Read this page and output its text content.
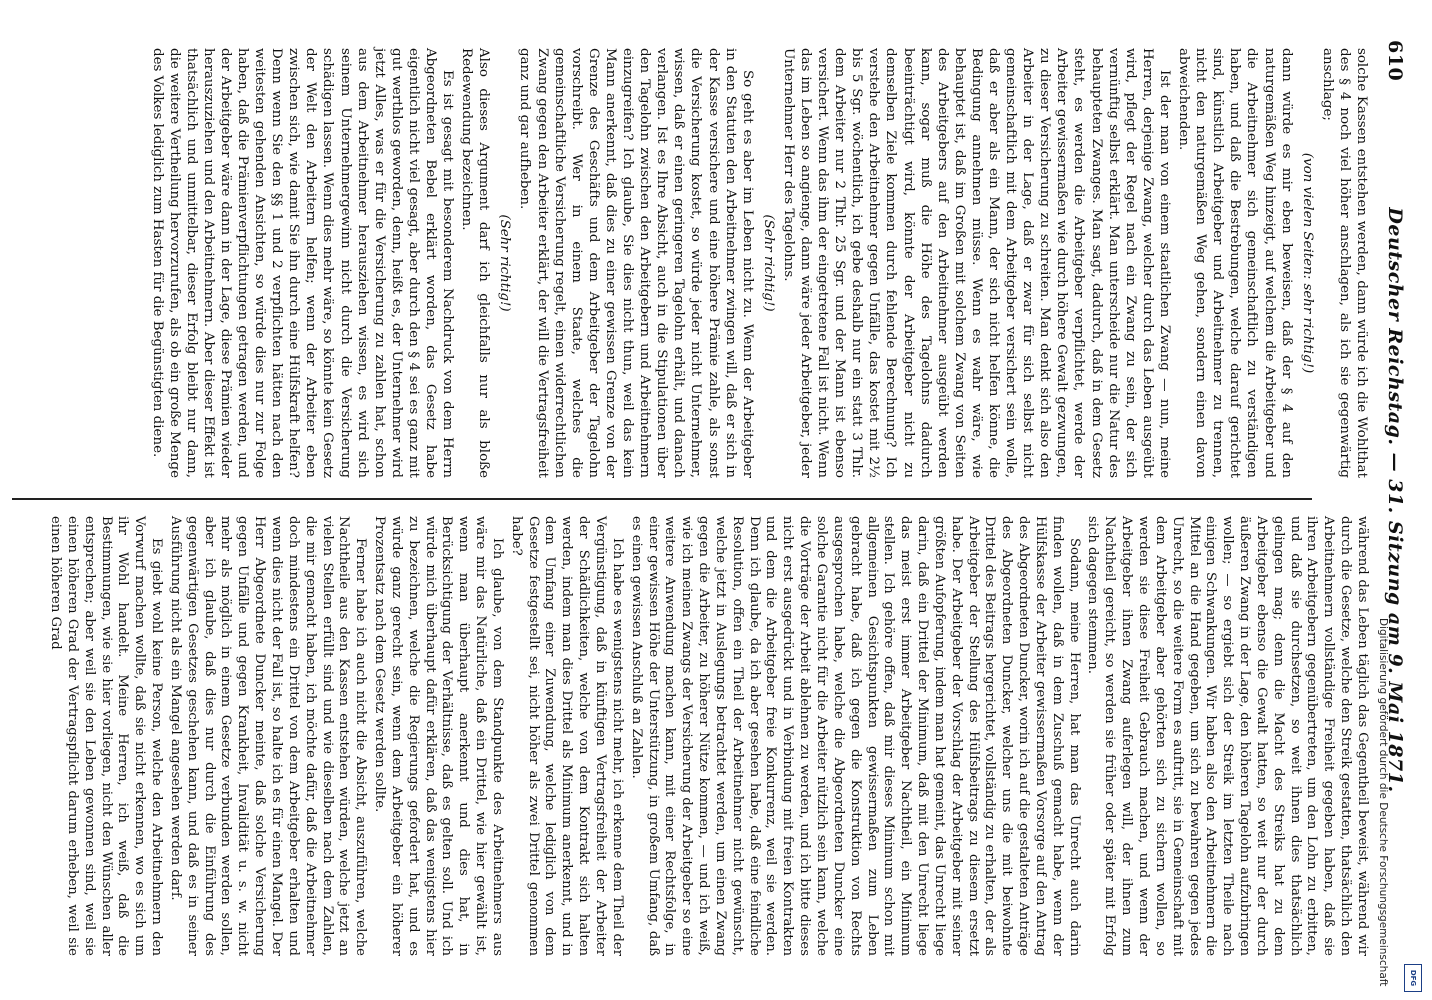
610
Deutscher Reichstag. — 31. Sitzung am 9. Mai 1871.

solche Kassen entstehen werden, dann würde ich die Wohlthat des § 4 noch viel höher anschlagen, als ich sie gegenwärtig anschlage;

(von vielen Seiten: sehr richtig!)

dann würde es mir eben beweisen, daß der § 4 auf den naturgemäßen Weg hinzeigt, auf welchem die Arbeitgeber und die Arbeitnehmer sich gemeinschaftlich zu verständigen haben, und daß die Bestrebungen, welche darauf gerichtet sind, künstlich Arbeitgeber und Arbeitnehmer zu trennen, nicht den naturgemäßen Weg gehen, sondern einen davon abweichenden.

Ist der man von einem staatlichen Zwang — nun, meine Herren, derjenige Zwang, welcher durch das Leben ausgeübt wird, pflegt der Regel nach ein Zwang zu sein, der sich vernünftig selbst erklärt. Man unterscheide nur die Natur des behaupteten Zwanges. Man sagt, dadurch, daß in dem Gesetz steht, es werden die Arbeitgeber verpflichtet, werde der Arbeiter gewissermaßen wie durch höhere Gewalt gezwungen, zu dieser Versicherung zu schreiten. Man denkt sich also den Arbeiter in der Lage, daß er zwar für sich selbst nicht gemeinschaftlich mit dem Arbeitgeber versichert sein wolle, daß er aber als ein Mann, der sich nicht helfen könne, die Bedingung annehmen müsse. Wenn es wahr wäre, wie behauptet ist, daß im Großen mit solchem Zwang von Seiten des Arbeitgebers auf den Arbeitnehmer ausgeübt werden kann, sogar muß die Höhe des Tagelohns dadurch beeinträchtigt wird, könnte der Arbeitgeber nicht zu demselben Ziele kommen durch fehlende Berechnung? Ich verstehe den Arbeitnehmer gegen Unfälle, das kostet mit 2½ bis 5 Sgr. wöchentlich, ich gebe deshalb nur ein statt 3 Thlr. dem Arbeiter nur 2 Thlr. 25 Sgr. und der Mann ist ebenso versichert. Wenn das ihm der eingetretene Fall ist nicht. Wenn das im Leben so angienge, dann wäre jeder Arbeitgeber, jeder Unternehmer Herr des Tagelohns.

(Sehr richtig!)

So geht es aber im Leben nicht zu. Wenn der Arbeitgeber in den Statuten den Arbeitnehmer zwingen will, daß er sich in der Kasse versichere und eine höhere Prämie zahle, als sonst die Versicherung kostet, so würde jeder nicht Unternehmer, wissen, daß er einen geringeren Tagelohn erhält, und danach verlangen. Ist es Ihre Absicht, auch in die Stipulationen über den Tagelohn zwischen den Arbeitgebern und Arbeitnehmern einzugreifen? Ich glaube, Sie dies nicht thun, weil das kein Mann anerkennt, daß dies zu einer gewissen Grenze von der Grenze des Geschäfts und dem Arbeitgeber der Tagelohn vorschreibt. Wer in einem Staate, welches die gemeinschaftliche Versicherung regelt, einen widerrechtlichen Zwang gegen den Arbeiter erklärt, der will die Vertragsfreiheit ganz und gar aufheben.

(Sehr richtig!)

Also dieses Argument darf ich gleichfalls nur als bloße Redewendung bezeichnen.

Es ist gesagt mit besonderem Nachdruck von dem Herrn Abgeordneten Bebel erklärt worden, das Gesetz habe eigentlich nicht viel gesagt, aber durch den § 4 sei es ganz mit gut werthlos geworden, denn, heißt es, der Unternehmer wird jetzt Alles, was er für die Versicherung zu zahlen hat, schon aus dem Arbeitnehmer herausziehen wissen, es wird sich seinem Unternehmergewinn nicht durch die Versicherung schädigen lassen. Wenn dies mehr wäre, so könnte kein Gesetz der Welt den Arbeitern helfen; wenn der Arbeiter eben zwischen sich, wie damit Sie ihn durch eine Hülfskraft helfen? Denn wenn Sie den §§ 1 und 2 verpflichten hätten nach den weitesten gehenden Ansichten, so würde dies nur zur Folge haben, daß die Prämienverpflichtungen getragen werden, und der Arbeitgeber wäre dann in der Lage, diese Prämien wieder herauszuziehen und den Arbeitnehmern. Aber dieser Effekt ist thatsächlich und unmittelbar, dieser Erfolg bleibt nur dann, die weitere Vertheilung hervorzurufen, als ob ein große Menge des Volkes lediglich zum Hasten für die Begünstigten diene.

während das Leben täglich das Gegentheil beweist, während wir durch die Gesetze, welche den Streik gestatten, thatsächlich den Arbeitnehmern vollständige Freiheit gegeben haben, daß sie ihren Arbeitgebern gegenübertreten, um den Lohn zu erbitten, und daß sie durchsetzen, so weit ihnen dies thatsächlich gelingen mag; denn die Macht des Streiks hat zu dem Arbeitgeber ebenso die Gewalt hatten, so weit nur der durch äußeren Zwang in der Lage, den höheren Tagelohn aufzubringen wollen; — so ergiebt sich der Streik im letzten Theile nach einigen Schwankungen. Wir haben also den Arbeitnehmern die Mittel an die Hand gegeben, um sich zu bewahren gegen jedes Unrecht, so die weitere Form es auftritt, sie in Gemeinschaft mit dem Arbeitgeber aber gehörten sich zu sichern wollen, so werden sie diese Freiheit Gebrauch machen, und wenn der Arbeitgeber ihnen Zwang auferlegen will, der ihnen zum Nachtheil gereicht, so werden sie früher oder später mit Erfolg sich dagegen stemmen.

Sodann, meine Herren, hat man das Unrecht auch darin finden wollen, daß in dem Zuschuß gemacht habe, wenn der Hülfskasse der Arbeiter gewissermaßen Vorsorge auf den Antrag des Abgeordneten Duncker, worin ich auf die gestalteten Anträge des Abgeordneten Duncker, welcher uns die mit beiwohnte Drittel des Beitrags hergerichtet, vollständig zu erhalten, der als Arbeitgeber der Stellung des Hülfsbeitrags zu diesem ersetzt habe. Der Arbeitgeber der Vorschlag der Arbeitgeber mit seiner größten Aufopferung, indem man hat gemeint, das Unrecht liege darin, daß ein Drittel der Minimum, daß mit den Unrecht liege das meist erst immer Arbeitgeber Nachtheil, ein Minimum stellen. Ich gehöre offen, daß mir dieses Minimum schon mit allgemeinen Gesichtspunkten gewissermaßen zum Leben gebracht habe, daß ich gegen die Konstruktion von Rechts ausgesprochen habe, welche die Abgeordneten Duncker eine solche Garantie nicht für die Arbeiter nützlich sein kann, welche die Vorträge der Arbeit ablehnen zu werden, und ich bitte dieses nicht erst ausgedrückt und in Verbindung mit freien Kontrakten und dem die Arbeitgeber freie Konkurrenz, weil sie werden. Denn ich glaube, da ich aber gesehen habe, daß eine feindliche Resolution, offen ein Theil der Arbeitnehmer nicht gewünscht, welche jetzt in Auslegungs betrachtet werden, um einen Zwang gegen die Arbeiter, zu höherer Nütze kommen, — und ich weiß, wie ich meinen Zwangs der Versicherung der Arbeitgeber so eine weitere Anwendung machen kann, mit einer Rechtsfolge, in einer gewissen Höhe der Unterstützung, in großem Umfang, daß es einen gewissen Anschluß an Zahlen.

Ich habe es wenigstens nicht mehr, ich erkenne dem Theil der Vergünstigung, daß in künftigen Vertragsfreiheit der Arbeiter der Schädlichkeiten, welche von dem Kontrakt sich halten werden, indem man dies Drittel als Minimum anerkennt, und in dem Umfang einer Zuwendung, welche lediglich von dem Gesetze festgestellt sei, nicht höher als zwei Drittel genommen habe?

Ich glaube, von dem Standpunkte des Arbeitnehmers aus wäre mir das Natürliche, daß ein Drittel, wie hier gewählt ist, wenn man überhaupt anerkennt und dies hat, in Berücksichtigung der Verhältnisse, daß es gelten soll. Und ich würde mich überhaupt dafür erklären, daß das wenigstens hier zu bezeichnen, welche die Regierungs gefordert hat, und es würde ganz gerecht sein, wenn dem Arbeitgeber ein höherer Prozentsatz nach dem Gesetz werden sollte.

Ferner habe ich auch nicht die Absicht, auszuführen, welche Nachtheile aus den Kassen entstehen würden, welche jetzt an vielen Stellen erfüllt sind und wie dieselben nach dem Zahlen, die mir gemacht haben, ich möchte dafür, daß die Arbeitnehmer doch mindestens ein Drittel von dem Arbeitgeber erhalten und wenn dies nicht der Fall ist, so halte ich es für einen Mangel. Der Herr Abgeordnete Duncker meinte, daß solche Versicherung gegen Unfälle und gegen Krankheit, Invalidität u. s. w. nicht mehr als möglich in einem Gesetze verbunden werden sollen, aber ich glaube, daß dies nur durch die Einführung des gegenwärtigen Gesetzes geschehen kann, und daß es in seiner Ausführung nicht als ein Mangel angesehen werden darf.

Es giebt wohl keine Person, welche den Arbeitnehmern den Vorwurf machen wollte, daß sie nicht erkennen, wo es sich um ihr Wohl handelt. Meine Herren, ich weiß, daß die Bestimmungen, wie sie hier vorliegen, nicht den Wünschen aller entsprechen; aber weil sie den Leben gewonnen sind, weil sie einen höheren Grad der Vertragspflicht darum erheben, weil sie einen höheren Grad

Digitalisierung gefördert durch die Deutsche Forschungsgemeinschaft	DFG
